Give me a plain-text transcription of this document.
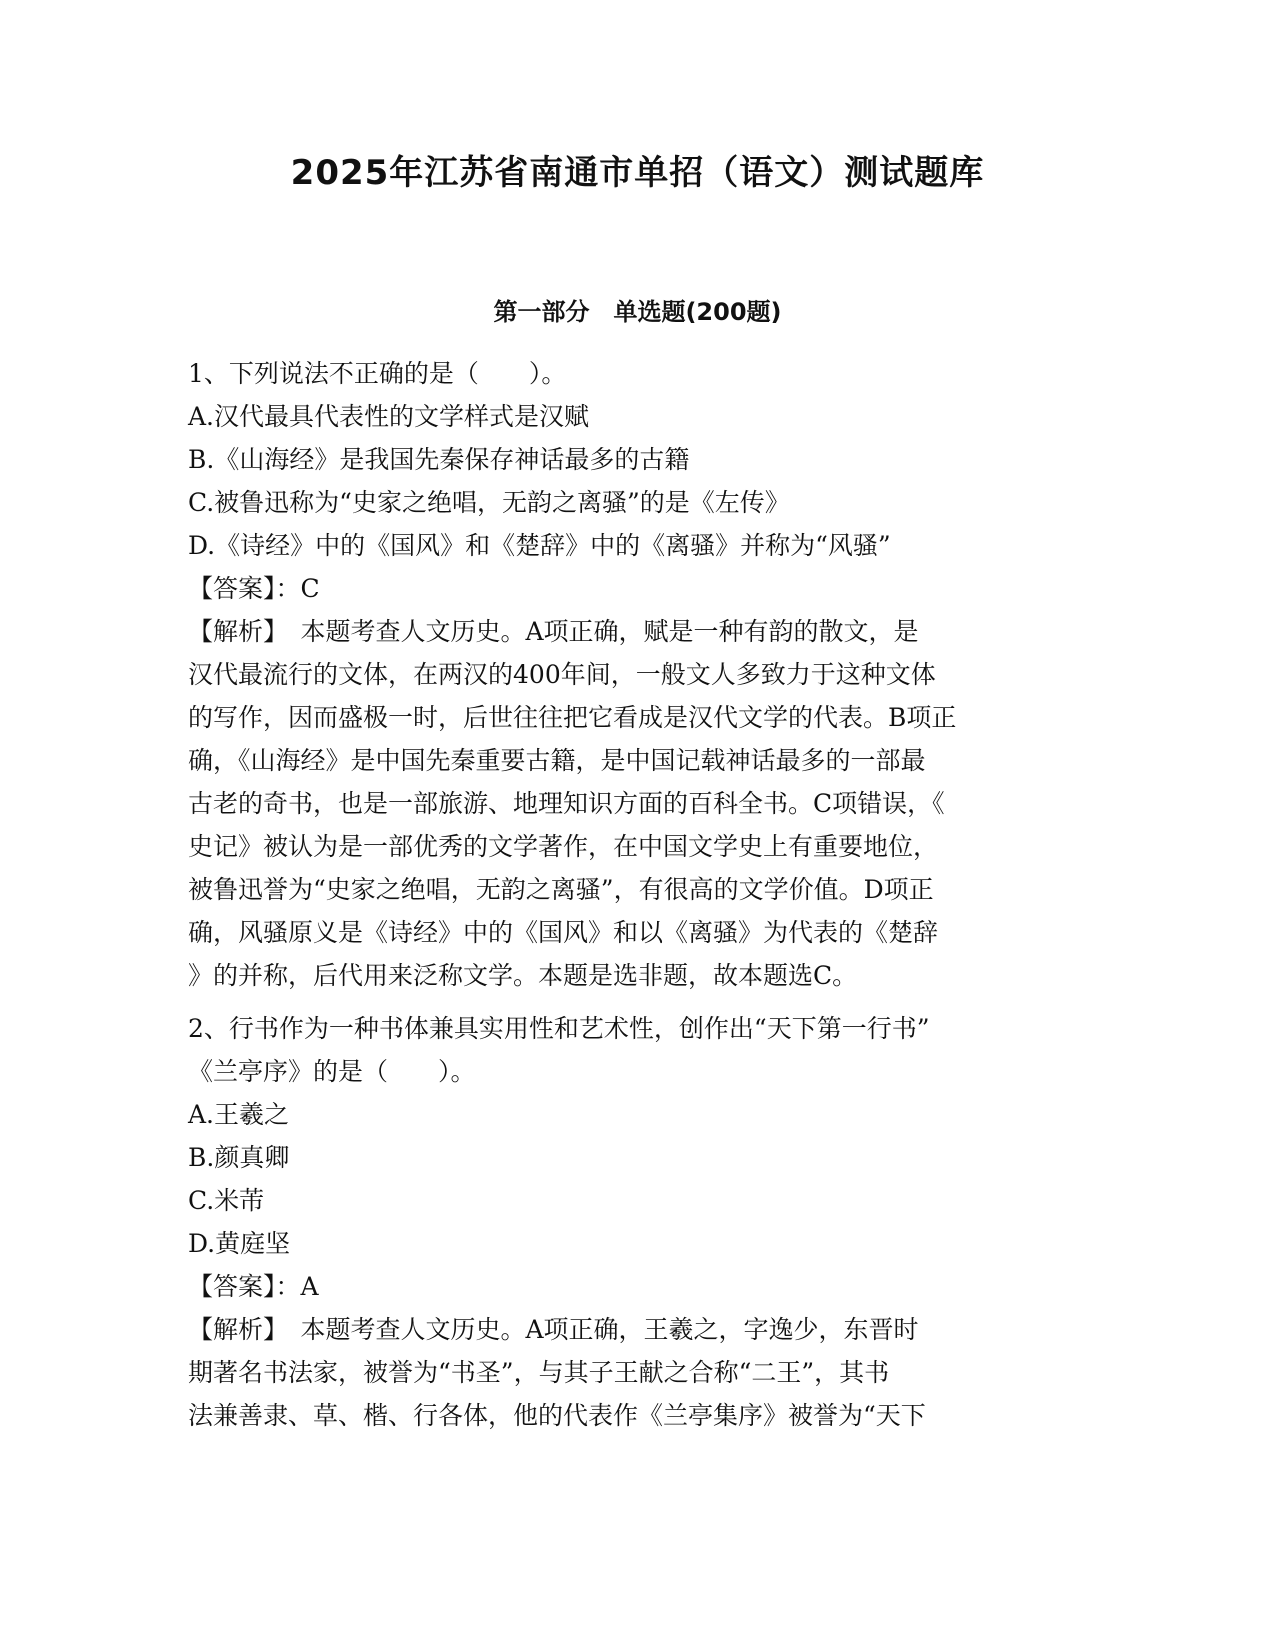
2025年江苏省南通市单招（语文）测试题库
第一部分　单选题(200题)

1、下列说法不正确的是（　　）。

A.汉代最具代表性的文学样式是汉赋

B.《山海经》是我国先秦保存神话最多的古籍

C.被鲁迅称为“史家之绝唱，无韵之离骚”的是《左传》

D.《诗经》中的《国风》和《楚辞》中的《离骚》并称为“风骚”

【答案】：C

【解析】　本题考查人文历史。A项正确，赋是一种有韵的散文，是

汉代最流行的文体，在两汉的400年间，一般文人多致力于这种文体

的写作，因而盛极一时，后世往往把它看成是汉代文学的代表。B项正

确，《山海经》是中国先秦重要古籍，是中国记载神话最多的一部最

古老的奇书，也是一部旅游、地理知识方面的百科全书。C项错误，《

史记》被认为是一部优秀的文学著作，在中国文学史上有重要地位，

被鲁迅誉为“史家之绝唱，无韵之离骚”，有很高的文学价值。D项正

确，风骚原义是《诗经》中的《国风》和以《离骚》为代表的《楚辞

》的并称，后代用来泛称文学。本题是选非题，故本题选C。

2、行书作为一种书体兼具实用性和艺术性，创作出“天下第一行书”

《兰亭序》的是（　　）。

A.王羲之

B.颜真卿

C.米芾

D.黄庭坚

【答案】：A

【解析】　本题考查人文历史。A项正确，王羲之，字逸少，东晋时

期著名书法家，被誉为“书圣”，与其子王献之合称“二王”，其书

法兼善隶、草、楷、行各体，他的代表作《兰亭集序》被誉为“天下
